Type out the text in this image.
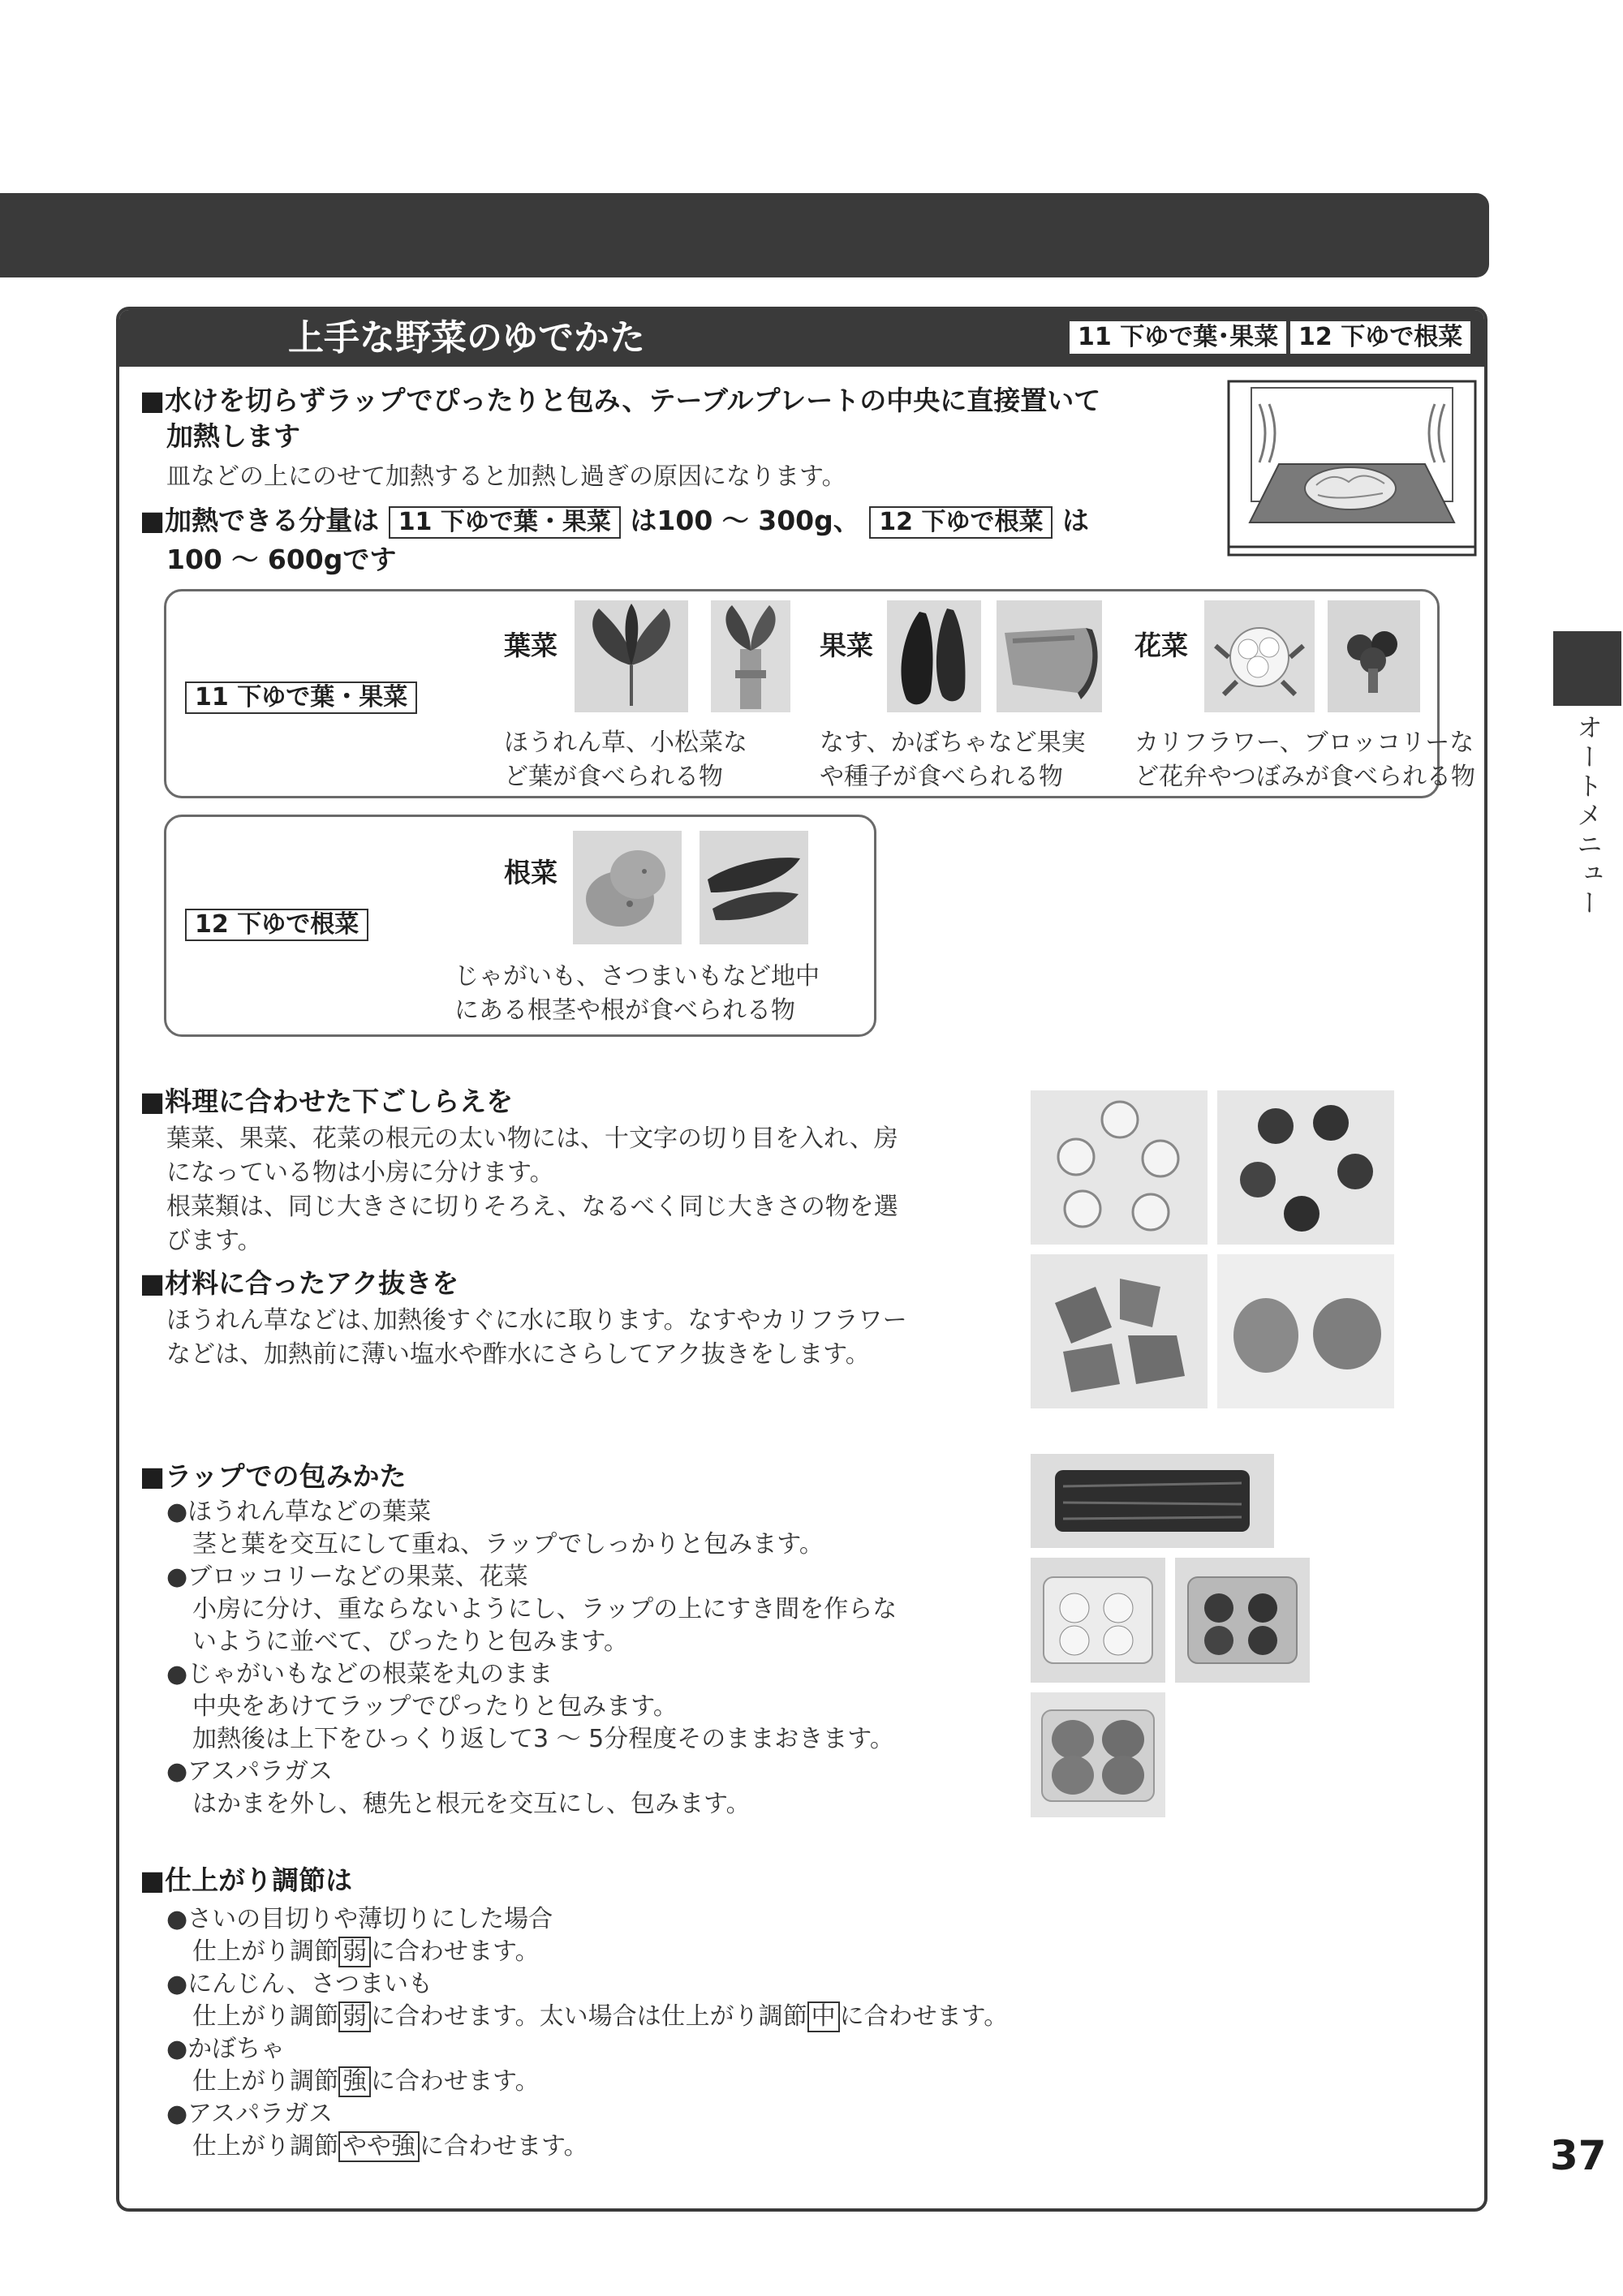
上手な野菜のゆでかた	11 下ゆで葉･果菜 12 下ゆで根菜
■水けを切らずラップでぴったりと包み、テーブルプレートの中央に直接置いて
加熱します
皿などの上にのせて加熱すると加熱し過ぎの原因になります。
■加熱できる分量は 11 下ゆで葉・果菜 は100 ～ 300g、 12 下ゆで根菜 は
100 ～ 600gです
11 下ゆで葉・果菜
葉菜
ほうれん草、小松菜な
ど葉が食べられる物
果菜
なす、かぼちゃなど果実
や種子が食べられる物
花菜
カリフラワー、ブロッコリーな
ど花弁やつぼみが食べられる物
12 下ゆで根菜
根菜
じゃがいも、さつまいもなど地中
にある根茎や根が食べられる物
■料理に合わせた下ごしらえを
葉菜、果菜、花菜の根元の太い物には、十文字の切り目を入れ、房
になっている物は小房に分けます。
根菜類は、同じ大きさに切りそろえ、なるべく同じ大きさの物を選
びます。
■材料に合ったアク抜きを
ほうれん草などは､加熱後すぐに水に取ります。なすやカリフラワー
などは、加熱前に薄い塩水や酢水にさらしてアク抜きをします。
■ラップでの包みかた
●ほうれん草などの葉菜
茎と葉を交互にして重ね、ラップでしっかりと包みます。
●ブロッコリーなどの果菜、花菜
小房に分け、重ならないようにし、ラップの上にすき間を作らな
いように並べて、ぴったりと包みます。
●じゃがいもなどの根菜を丸のまま
中央をあけてラップでぴったりと包みます。
加熱後は上下をひっくり返して3 ～ 5分程度そのままおきます。
●アスパラガス
はかまを外し、穂先と根元を交互にし、包みます。
■仕上がり調節は
●さいの目切りや薄切りにした場合
仕上がり調節 弱 に合わせます。
●にんじん、さつまいも
仕上がり調節 弱 に合わせます。太い場合は仕上がり調節 中 に合わせます。
●かぼちゃ
仕上がり調節 強 に合わせます。
●アスパラガス
仕上がり調節 やや強 に合わせます。
オートメニュー
37
